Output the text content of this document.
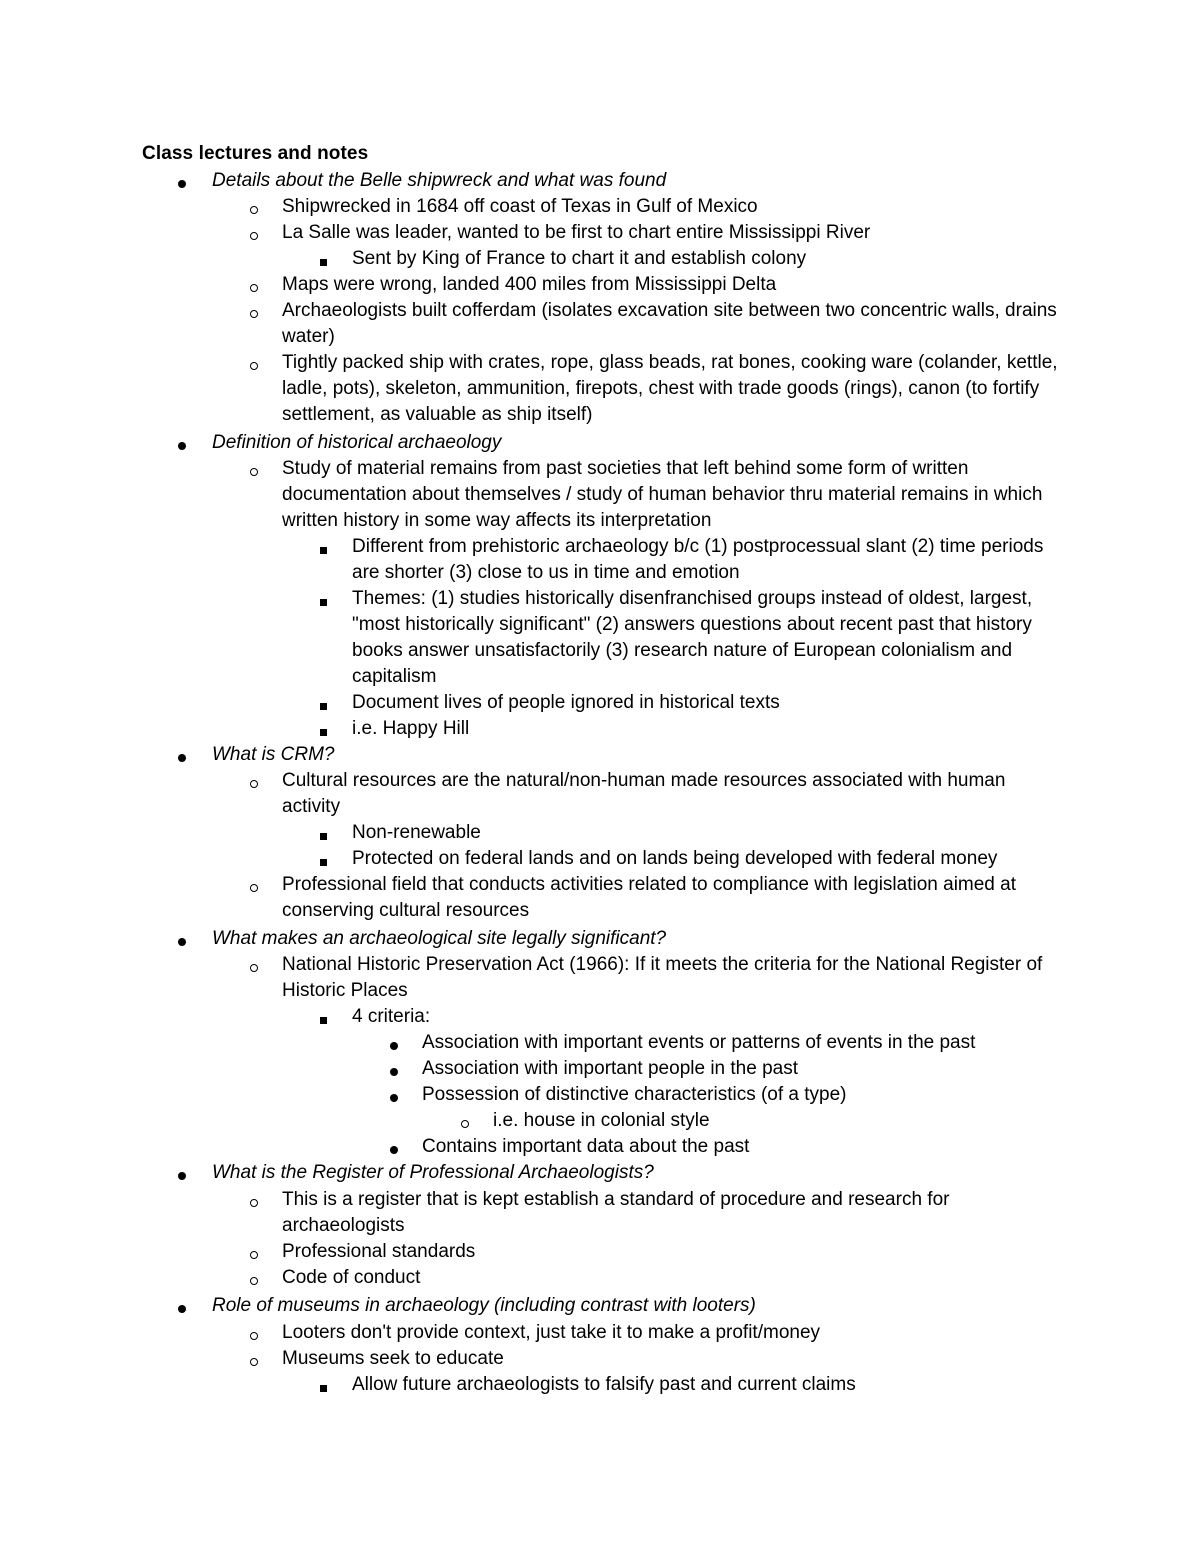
Class lectures and notes
Details about the Belle shipwreck and what was found
Shipwrecked in 1684 off coast of Texas in Gulf of Mexico
La Salle was leader, wanted to be first to chart entire Mississippi River
Sent by King of France to chart it and establish colony
Maps were wrong, landed 400 miles from Mississippi Delta
Archaeologists built cofferdam (isolates excavation site between two concentric walls, drains water)
Tightly packed ship with crates, rope, glass beads, rat bones, cooking ware (colander, kettle, ladle, pots), skeleton, ammunition, firepots, chest with trade goods (rings), canon (to fortify settlement, as valuable as ship itself)
Definition of historical archaeology
Study of material remains from past societies that left behind some form of written documentation about themselves / study of human behavior thru material remains in which written history in some way affects its interpretation
Different from prehistoric archaeology b/c (1) postprocessual slant (2) time periods are shorter (3) close to us in time and emotion
Themes: (1) studies historically disenfranchised groups instead of oldest, largest, "most historically significant" (2) answers questions about recent past that history books answer unsatisfactorily (3) research nature of European colonialism and capitalism
Document lives of people ignored in historical texts
i.e. Happy Hill
What is CRM?
Cultural resources are the natural/non-human made resources associated with human activity
Non-renewable
Protected on federal lands and on lands being developed with federal money
Professional field that conducts activities related to compliance with legislation aimed at conserving cultural resources
What makes an archaeological site legally significant?
National Historic Preservation Act (1966): If it meets the criteria for the National Register of Historic Places
4 criteria:
Association with important events or patterns of events in the past
Association with important people in the past
Possession of distinctive characteristics (of a type)
i.e. house in colonial style
Contains important data about the past
What is the Register of Professional Archaeologists?
This is a register that is kept establish a standard of procedure and research for archaeologists
Professional standards
Code of conduct
Role of museums in archaeology (including contrast with looters)
Looters don't provide context, just take it to make a profit/money
Museums seek to educate
Allow future archaeologists to falsify past and current claims
